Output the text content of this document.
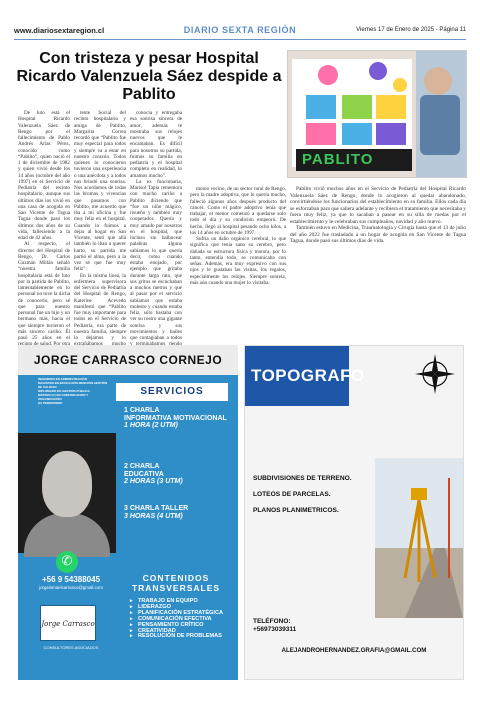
www.diariosextaregion.cl	DIARIO SEXTA REGIÓN	Viernes 17 de Enero de 2025 - Página 11
Con tristeza y pesar Hospital Ricardo Valenzuela Sáez despide a Pablito
PABLITO

De luto está el Hospital Ricardo Valenzuela Sáez de Rengo por el fallecimiento de Pablo Andrés Arias Pérez, conocido como “Pablito”, quien nació el 1 de diciembre de 1982 y quien vivió desde los 14 años (octubre del año 1997) en el Servicio de Pediatría del recinto hospitalario, aunque sus últimos días los vivió en una casa de acogida en San Vicente de Tagua Tagua donde pasó los últimos dos años de su vida, falleciendo a la edad de 42 años.

Al respecto, el director del Hospital de Rengo, Dr. Carlos Guzmán Millán señaló “nuestra familia hospitalaria está de luto por la partida de Pablito, lamentablemente en lo personal no tuve la dicha de conocerlo, pero sé que para nuestro personal fue un hijo y un hermano más, hacia el que siempre tuvieron el más sincero cariño. Él pasó 25 años en el

tente Social del recinto hospitalario y amiga de Pablito, Margarita Correa recordó que “Pablito fue muy especial para todos y siempre va a estar en nuestro corazón. Todos quienes lo conocieron tuvieron una experiencia o una anécdota y a todos nos brindó una sonrisa. Nos acordamos de todas las bromas y vivencias que pasamos con Pablito, me acuerdo que iba a mi oficina y fue muy feliz en el hospital. Cuando lo fuimos a dejar al hogar en San Vicente, sentí que allá también lo iban a querer harto, su partida me partió el alma, pero a la vez sé que fue muy feliz”.

En la misma línea, la enfermera supervisora del Servicio de Pediatría del Hospital de Rengo, Katerine Acevedo manifestó que “Pablito fue muy importante para todos en el Servicio de Pediatría, era parte de nuestra familia, siempre lo dejamos y lo

conocía y entregaba esa sonrisa sincera de amor, además te mostraba sus relojes nuevos que le encantaban. Es difícil para nosotros su partida, fuimos su familia en pediatría y el hospital completo en realidad, lo amamos mucho”.

La ex funcionaria, Marisol Tapia rememora con mucho cariño a Pablito diciendo que “fue un niño mágico, risueño y también muy cooperador. Quería y muy amado por nosotros en el hospital, que incluso sin balbucear palabras alguna sabíamos lo que quería decir, como cuando estaba enojado, por ejemplo que gritaba durante largo rato, que sus gritos se escuchaban a muchos metros y que al pasar por el servicio sabíamos que estaba molesto y cuando estaba feliz, sólo bastaba con ver su rostro una gigante sonrisa y sus movimientos y bailes que contagiaban a todos

monio vecino, de un sector rural de Rengo, pero la madre adoptiva, que lo quería mucho, falleció algunos años después producto del cáncer. Como el padre adoptivo tenía que trabajar, el menor comenzó a quedarse solo todo el día y su condición empeoró. De hecho, llegó al hospital pesando ocho kilos, a los 14 años en octubre de 1997.

Sufría un daño orgánico cerebral, lo que significa que tenía sano su cerebro, pero dañada su estructura física y motora, por lo tanto, entendía todo, se comunicaba con señas. Además, era muy expresivo con sus ojos y le gustaban las visitas, los regalos, especialmente los relojes. Siempre sonreía, más aún cuando una mujer lo visitaba.

Pablito vivió muchos años en el Servicio de Pediatría del Hospital Ricardo Valenzuela Sáez de Rengo, donde lo acogieron al quedar abandonado, convirtiéndose los funcionarios del establecimiento en su familia. Ellos cada día se esforzaban para que saliera adelante y recibiera el tratamiento que necesitaba y fuera muy feliz, ya que lo sacaban a pasear en su silla de ruedas por el establecimiento y le celebraban sus cumpleaños, navidad y año nuevo.

También estuvo en Medicina, Traumatología y Cirugía hasta que el 13 de julio del año 2022 fue trasladado a un hogar de acogida en San Vicente de Tagua Tagua, donde pasó sus últimos días de vida.

JORGE CARRASCO CORNEJO
INGENIERO EN ADMINISTRACIÓN
MAGISTER EN EDUCACIÓN MENCIÓN GESTIÓN DE CALIDAD
DIPLOMADO DE GESTIÓN PÚBLICA
MÁSTER (C) EN COMUNICACIÓN Y ORGANIZACIÓN
(C) PERIODISMO
SERVICIOS
1 CHARLA
INFORMATIVA MOTIVACIONAL
1 HORA (2 UTM)
2 CHARLA
EDUCATIVA
2 HORAS (3 UTM)
3 CHARLA TALLER
3 HORAS (4 UTM)
✆
+56 9 54388045
jorgeismaelcarrasco@gmail.com
Jorge Carrasco
CONSULTORES ASOCIADOS
CONTENIDOS TRANSVERSALES
▸ TRABAJO EN EQUIPO
▸ LIDERAZGO
▸ PLANIFICACIÓN ESTRATÉGICA
▸ COMUNICACIÓN EFECTIVA
▸ PENSAMIENTO CRÍTICO
▸ CREATIVIDAD
▸ RESOLUCIÓN DE PROBLEMAS
TOPOGRAFO
SUBDIVISIONES DE TERRENO.
LOTEOS DE PARCELAS.
PLANOS PLANIMETRICOS.
TELÉFONO:
+56973039311
ALEJANDROHERNANDEZ.GRAFIA@GMAIL.COM
